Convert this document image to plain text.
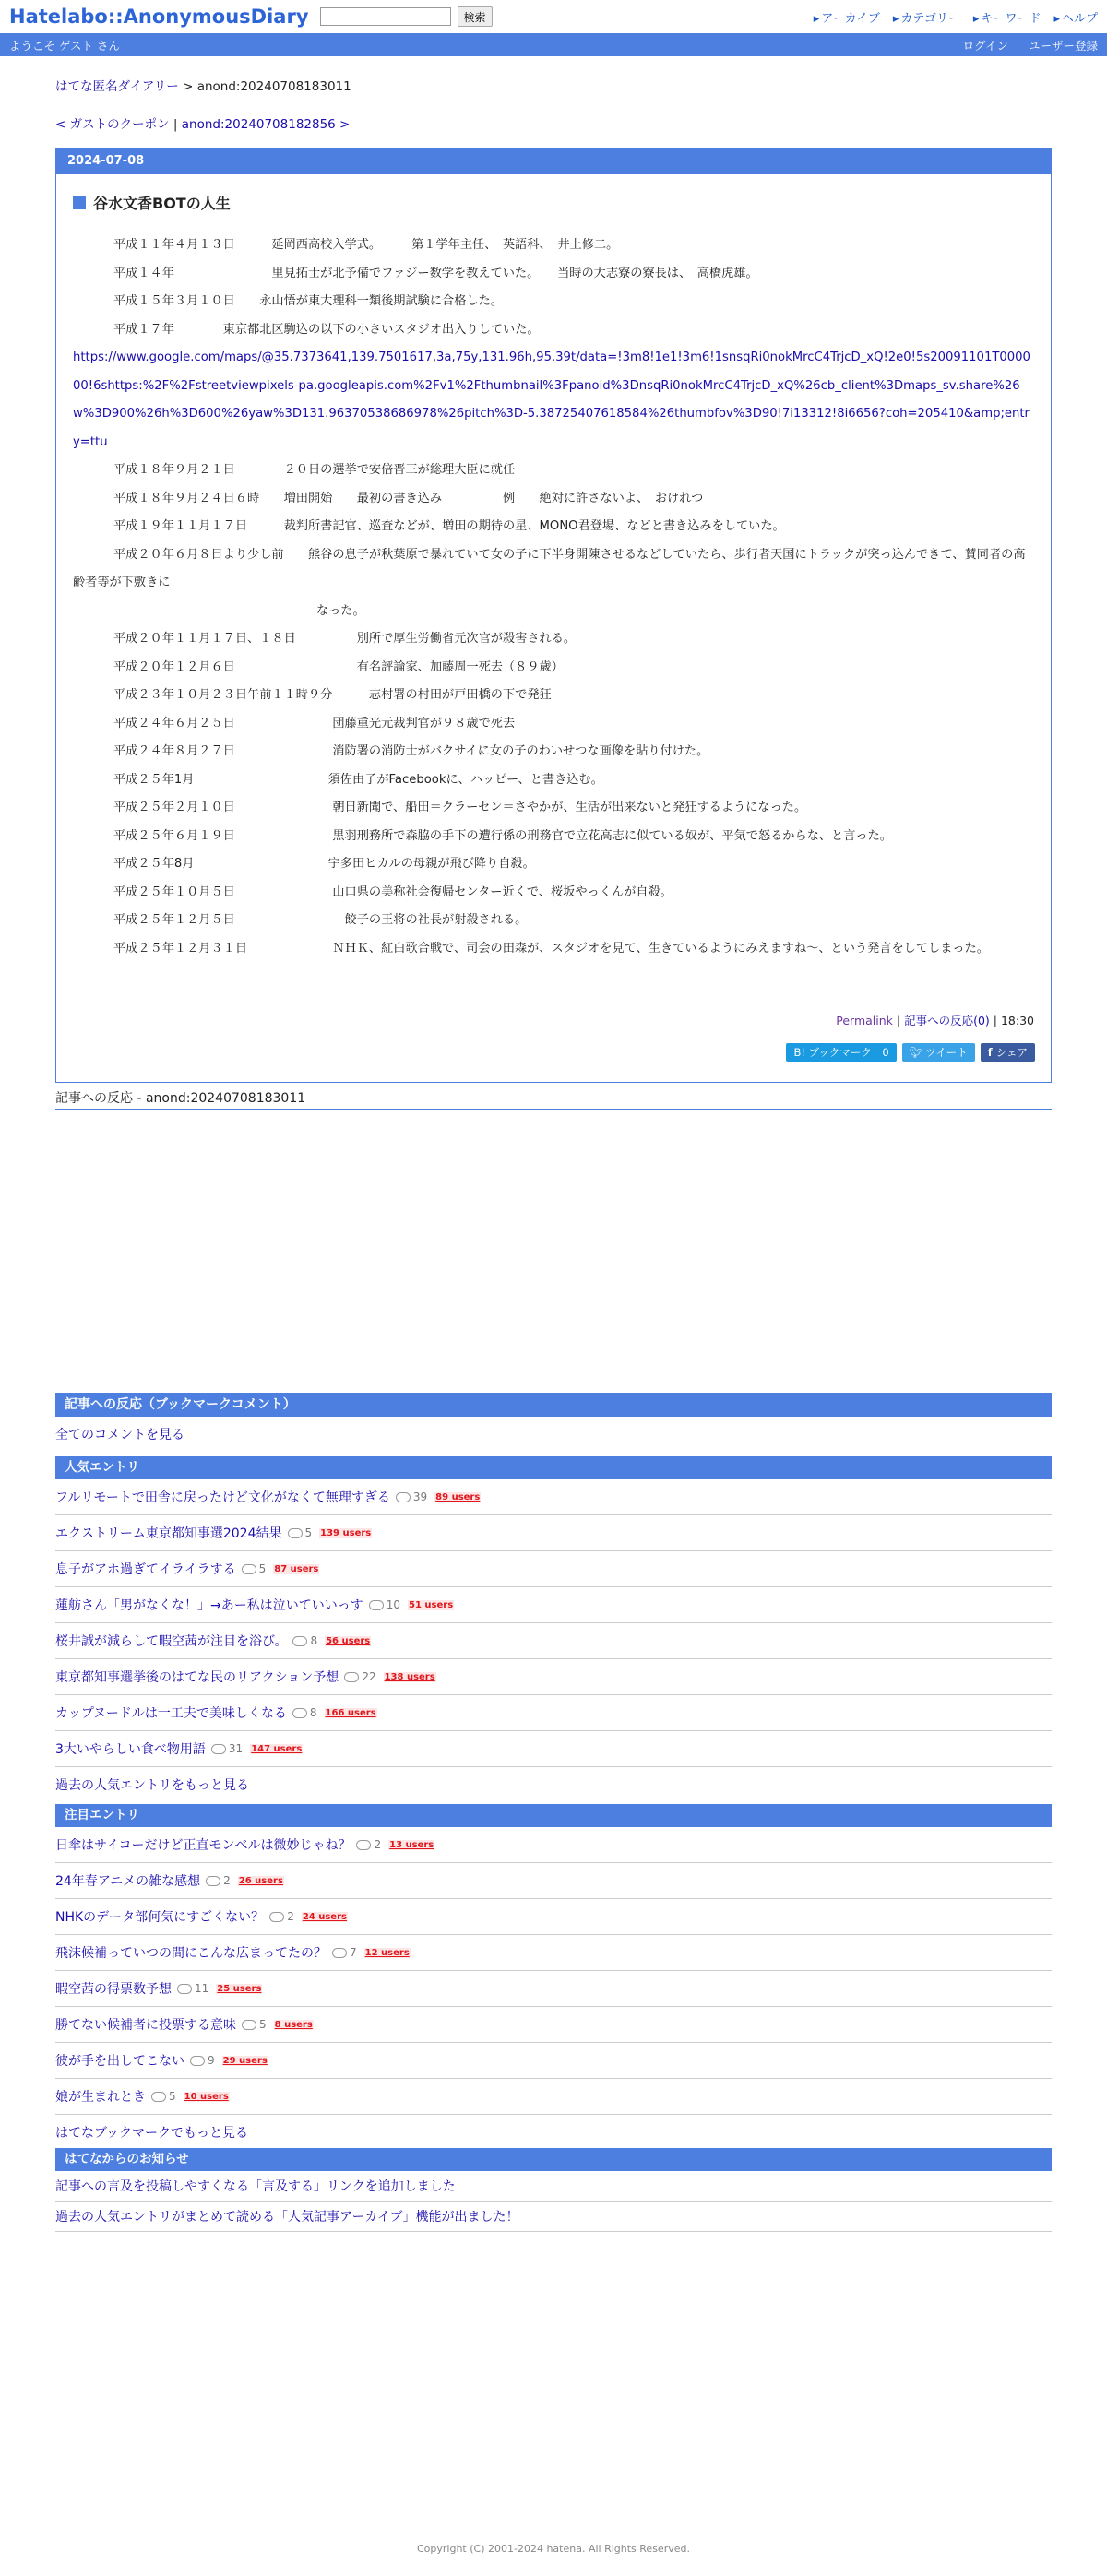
Hatelabo::AnonymousDiary	検索	▸ アーカイブ	▸ カテゴリー	▸ キーワード	▸ ヘルプ
ようこそ ゲスト さん	ログイン ユーザー登録
はてな匿名ダイアリー > anond:20240708183011
< ガストのクーポン | anond:20240708182856 >
2024-07-08
谷水文香BOTの人生

平成１１年４月１３日　　　延岡西高校入学式。　　　第１学年主任、　英語科、　井上修二。

平成１４年　　　　　　　　里見拓士が北予備でファジー数学を教えていた。　　当時の大志寮の寮長は、　高橋虎雄。

平成１５年３月１０日　　永山悟が東大理科一類後期試験に合格した。

平成１７年　　　　東京都北区駒込の以下の小さいスタジオ出入りしていた。

https://www.google.com/maps/@35.7373641,139.7501617,3a,75y,131.96h,95.39t/data=!3m8!1e1!3m6!1snsqRi0nokMrcC4TrjcD_xQ!2e0!5s20091101T000000!6shttps:%2F%2Fstreetviewpixels-pa.googleapis.com%2Fv1%2Fthumbnail%3Fpanoid%3DnsqRi0nokMrcC4TrjcD_xQ%26cb_client%3Dmaps_sv.share%26w%3D900%26h%3D600%26yaw%3D131.96370538686978%26pitch%3D-5.38725407618584%26thumbfov%3D90!7i13312!8i6656?coh=205410&amp;entry=ttu

平成１８年９月２１日　　　　２０日の選挙で安倍晋三が総理大臣に就任

平成１８年９月２４日６時　　増田開始　　最初の書き込み　　　　　例　　絶対に許さないよ、　おけれつ

平成１９年１１月１７日　　　裁判所書記官、巡査などが、増田の期待の星、MONO君登場、などと書き込みをしていた。

平成２０年６月８日より少し前　　熊谷の息子が秋葉原で暴れていて女の子に下半身開陳させるなどしていたら、歩行者天国にトラックが突っ込んできて、賛同者の高齢者等が下敷きに

なった。

平成２０年１１月１７日、１８日　　　　　別所で厚生労働省元次官が殺害される。

平成２０年１２月６日　　　　　　　　　　有名評論家、加藤周一死去（８９歳）

平成２３年１０月２３日午前１１時９分　　　志村署の村田が戸田橋の下で発狂

平成２４年６月２５日　　　　　　　　団藤重光元裁判官が９８歳で死去

平成２４年８月２７日　　　　　　　　消防署の消防士がバクサイに女の子のわいせつな画像を貼り付けた。

平成２５年1月　　　　　　　　　　　須佐由子がFacebookに、ハッピー、と書き込む。

平成２５年２月１０日　　　　　　　　朝日新聞で、船田＝クラーセン＝さやかが、生活が出来ないと発狂するようになった。

平成２５年６月１９日　　　　　　　　黒羽刑務所で森脇の手下の遭行係の刑務官で立花高志に似ている奴が、平気で怒るからな、と言った。

平成２５年8月　　　　　　　　　　　宇多田ヒカルの母親が飛び降り自殺。

平成２５年１０月５日　　　　　　　　山口県の美称社会復帰センター近くで、桜坂やっくんが自殺。

平成２５年１２月５日　　　　　　　　　餃子の王将の社長が射殺される。

平成２５年１２月３１日　　　　　　　ＮＨＫ、紅白歌合戦で、司会の田森が、スタジオを見て、生きているようにみえますね〜、という発言をしてしまった。

Permalink | 記事への反応(0) | 18:30
B! ブックマーク　0	🐦︎ ツイート	f シェア
記事への反応 - anond:20240708183011
記事への反応（ブックマークコメント）
全てのコメントを見る
人気エントリ
フルリモートで田舎に戻ったけど文化がなくて無理すぎる 39 89 users
エクストリーム東京都知事選2024結果 5 139 users
息子がアホ過ぎてイライラする 5 87 users
蓮舫さん「男がなくな！」→あー私は泣いていいっす 10 51 users
桜井誠が減らして暇空茜が注目を浴び。 8 56 users
東京都知事選挙後のはてな民のリアクション予想 22 138 users
カップヌードルは一工夫で美味しくなる 8 166 users
3大いやらしい食べ物用語 31 147 users
過去の人気エントリをもっと見る
注目エントリ
日傘はサイコーだけど正直モンベルは微妙じゃね？ 2 13 users
24年春アニメの雑な感想 2 26 users
NHKのデータ部何気にすごくない？ 2 24 users
飛沫候補っていつの間にこんな広まってたの？ 7 12 users
暇空茜の得票数予想 11 25 users
勝てない候補者に投票する意味 5 8 users
彼が手を出してこない 9 29 users
娘が生まれとき 5 10 users
はてなブックマークでもっと見る
はてなからのお知らせ
記事への言及を投稿しやすくなる「言及する」リンクを追加しました
過去の人気エントリがまとめて読める「人気記事アーカイブ」機能が出ました！
Copyright (C) 2001-2024 hatena. All Rights Reserved.
